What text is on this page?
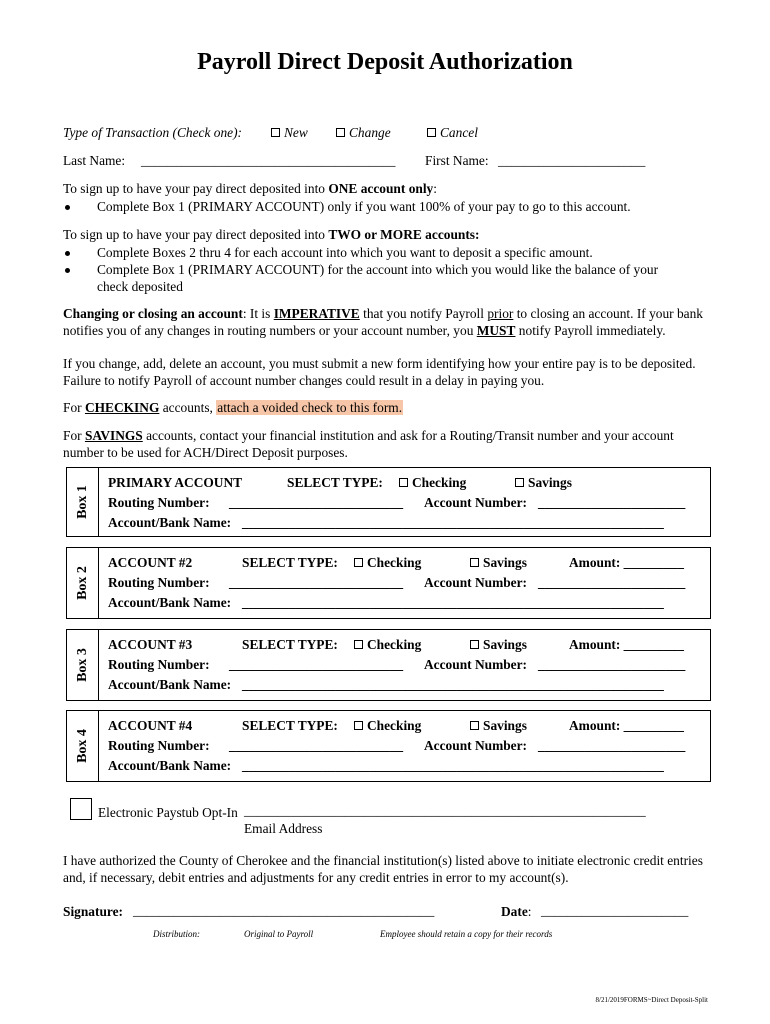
Payroll Direct Deposit Authorization
Type of Transaction (Check one):	New	Change	Cancel
Last Name: ______________________________________ First Name: ______________________
To sign up to have your pay direct deposited into ONE account only:
Complete Box 1 (PRIMARY ACCOUNT) only if you want 100% of your pay to go to this account.
To sign up to have your pay direct deposited into TWO or MORE accounts:
Complete Boxes 2 thru 4 for each account into which you want to deposit a specific amount.
Complete Box 1 (PRIMARY ACCOUNT) for the account into which you would like the balance of your
check deposited
Changing or closing an account: It is IMPERATIVE that you notify Payroll prior to closing an account. If your bank notifies you of any changes in routing numbers or your account number, you MUST notify Payroll immediately.
If you change, add, delete an account, you must submit a new form identifying how your entire pay is to be deposited. Failure to notify Payroll of account number changes could result in a delay in paying you.
For CHECKING accounts, attach a voided check to this form.
For SAVINGS accounts, contact your financial institution and ask for a Routing/Transit number and your account number to be used for ACH/Direct Deposit purposes.
Box 1
PRIMARY ACCOUNT	SELECT TYPE:	Checking	Savings
Routing Number: __________________________ Account Number: ______________________
Account/Bank Name: _______________________________________________________________
Box 2
ACCOUNT #2	SELECT TYPE:	Checking	Savings	Amount: _________
Routing Number: __________________________ Account Number: ______________________
Account/Bank Name: _______________________________________________________________
Box 3
ACCOUNT #3	SELECT TYPE:	Checking	Savings	Amount: _________
Routing Number: __________________________ Account Number: ______________________
Account/Bank Name: _______________________________________________________________
Box 4
ACCOUNT #4	SELECT TYPE:	Checking	Savings	Amount: _________
Routing Number: __________________________ Account Number: ______________________
Account/Bank Name: _______________________________________________________________
Electronic Paystub Opt-In ____________________________________________________________
Email Address
I have authorized the County of Cherokee and the financial institution(s) listed above to initiate electronic credit entries and, if necessary, debit entries and adjustments for any credit entries in error to my account(s).
Signature: _____________________________________________	Date: ______________________
Distribution:	Original to Payroll	Employee should retain a copy for their records
8/21/2019FORMS~Direct Deposit-Split
